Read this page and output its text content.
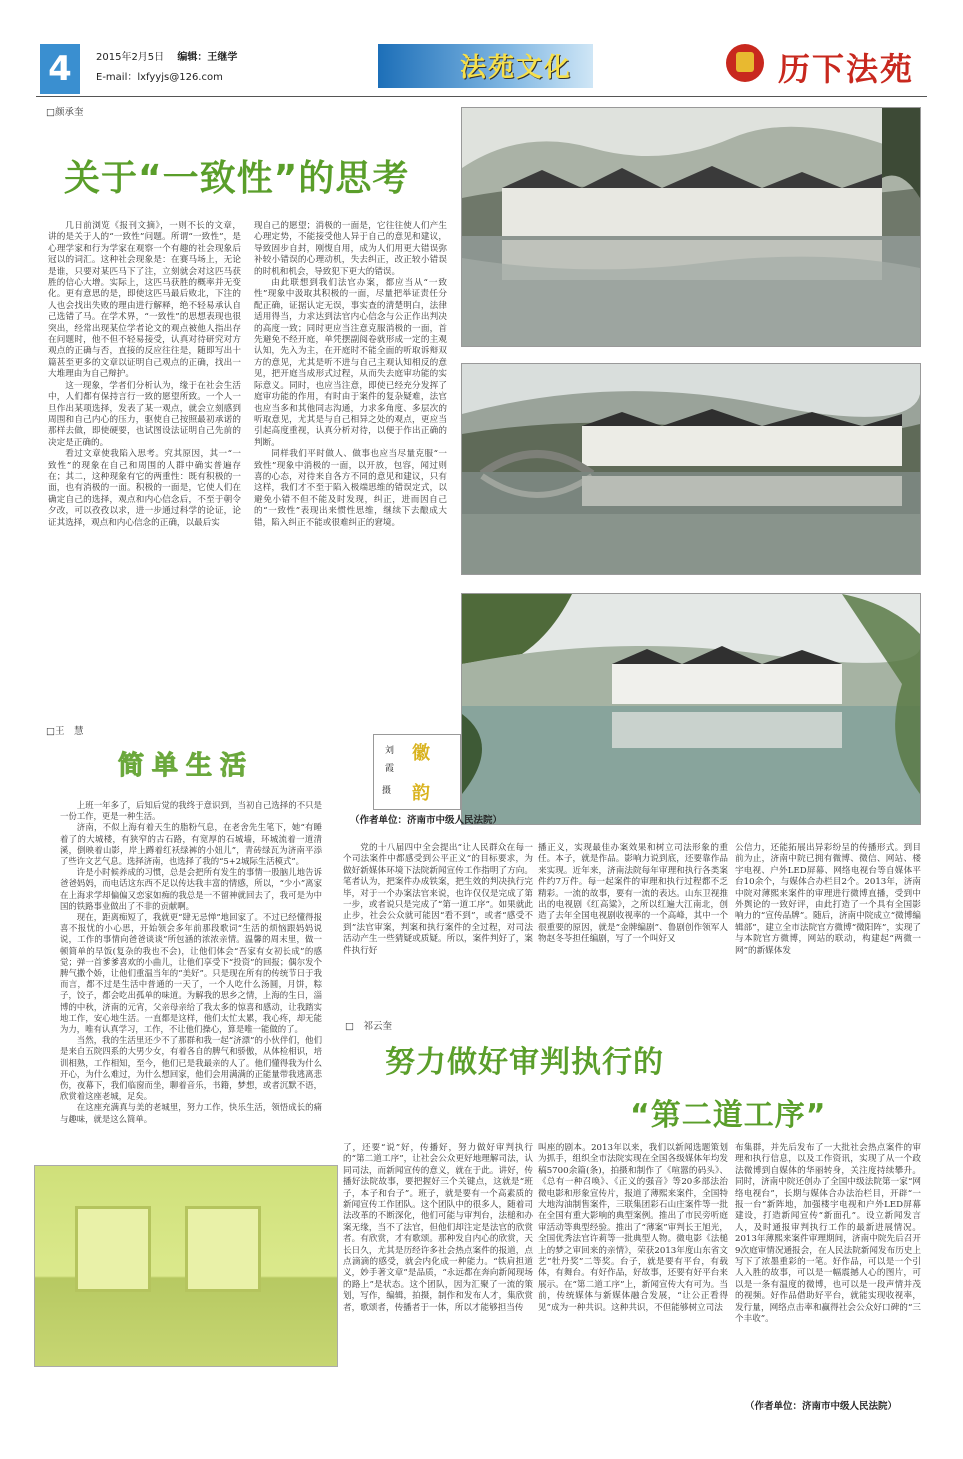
4	2015年2月5日 编辑：王继学
E-mail：lxfyyjs@126.com	法苑文化	历下法苑
□颜承奎
关于“一致性”的思考

几日前浏览《报刊文摘》，一则不长的文章，讲的是关于人的“一致性”问题。所谓“一致性”，是心理学家和行为学家在观察一个有趣的社会现象后冠以的词汇。这种社会现象是：在赛马场上，无论是谁，只要对某匹马下了注，立刻就会对这匹马获胜的信心大增。实际上，这匹马获胜的概率并无变化。更有意思的是，即使这匹马最后败北，下注的人也会找出失败的理由进行解释，绝不轻易承认自己选错了马。在学术界，“一致性”的思想表现也很突出，经常出现某位学者论文的观点被他人指出存在问题时，他不但不轻易接受，认真对待研究对方观点的正确与否，直接的反应往往是，随即写出十篇甚至更多的文章以证明自己观点的正确，找出一大堆理由为自己辩护。

这一现象，学者们分析认为，缘于在社会生活中，人们都有保持言行一致的愿望所致。一个人一旦作出某项选择，发表了某一观点，就会立刻感到周围和自己内心的压力，驱使自己按照最初承诺的那样去做，即使硬要，也试图设法证明自己先前的决定是正确的。

看过文章使我陷入思考。究其原因，其一“一致性”的现象在自己和周围的人群中确实普遍存在；其二，这种现象有它的两重性：既有积极的一面，也有消极的一面。积极的一面是，它使人们在确定自己的选择，观点和内心信念后，不至于朝令夕改，可以孜孜以求，进一步通过科学的论证，论证其选择，观点和内心信念的正确，以最后实

现自己的愿望；消极的一面是，它往往使人们产生心理定势，不能接受他人异于自己的意见和建议，导致固步自封，刚愎自用，成为人们用更大错误弥补较小错误的心理动机，失去纠正，改正较小错误的时机和机会，导致犯下更大的错误。

由此联想到我们法官办案，都应当从“一致性”现象中汲取其积极的一面，尽量把举证责任分配正确，证据认定无误，事实查的清楚明白，法律适用得当，力求达到法官内心信念与公正作出判决的高度一致；同时更应当注意克服消极的一面，首先避免不经开庭，单凭摆副阅卷就形成一定的主观认知，先入为主，在开庭时不能全面的听取诉辩双方的意见，尤其是听不进与自己主观认知相反的意见，把开庭当成形式过程，从而失去庭审功能的实际意义。同时，也应当注意，即使已经充分发挥了庭审功能的作用，有时由于案件的复杂疑难，法官也应当多和其他同志沟通，力求多角度、多层次的听取意见，尤其是与自己相异之处的观点，更应当引起高度重视，认真分析对待，以便于作出正确的判断。

同样我们平时做人、做事也应当尽量克服“一致性”现象中消极的一面，以开放，包容，闻过则喜的心态，对待来自各方不同的意见和建议，只有这样，我们才不至于陷入极端思维的错误定式，以避免小错不但不能及时发现，纠正，进而因自己的“一致性”表现出来惯性思维，继续下去酿成大错，陷入纠正不能或很难纠正的窘境。

□王　慧
简单生活

上班一年多了，后知后觉的我终于意识到，当初自己选择的不只是一份工作，更是一种生活。

济南，不似上海有着天生的脂粉气息，在老舍先生笔下，她“有睡着了的大城楼，有狭窄的古石路，有宽厚的石城墙，环城流着一道清溪，倒映着山影，岸上蹲着红袄绿裤的小妞儿”，青砖绿瓦为济南平添了些许文艺气息。选择济南，也选择了我的“5+2城际生活模式”。

许是小时候养成的习惯，总是会把所有发生的事情一股脑儿地告诉爸爸妈妈，而电话这东西不足以传达我丰富的情感，所以，“少小”离家在上海求学却偏偏又恋家如痴的我总是一不留神就回去了，我可是为中国的铁路事业做出了不非的贡献啊。

现在，距离痴短了，我就更“肆无忌惮”地回家了。不过已经懂得报喜不报忧的小心思，开始领会多年前那段歌词“生活的烦恼跟妈妈说说，工作的事情向爸爸谈谈”所包涵的浓浓亲情。温馨的周末里，做一顿简单的早饭(复杂的我也不会)，让他们体会“吾家有女初长成”的感觉；弹一首爹爹喜欢的小曲儿，让他们享受下“投资”的回报；偶尔发个脾气撒个娇，让他们重温当年的“美好”。只是现在所有的传统节日于我而言，都不过是生活中普通的一天了，一个人吃什么汤圆，月饼，粽子，饺子，都会吃出孤单的味道。为解我的思乡之情，上海的生日，淄博的中秋，济南的元宵，父亲母亲给了我太多的惊喜和感动，让我踏实地工作，安心地生活。一直都是这样，他们太忙太累，我心疼，却无能为力，唯有认真学习，工作，不让他们操心，算是唯一能做的了。

当然，我的生活里还少不了那群和我一起“济漂”的小伙伴们，他们是来自五院四系的大男少女，有着各自的脾气和骄傲，从体检相识，培训相熟，工作相知，至今，他们已是我最亲的人了。他们懂得我为什么开心，为什么难过，为什么想回家，他们会用满满的正能量带我逃离悲伤，夜幕下，我们临窗而坐，聊着音乐，书籍，梦想，或者沉默不语，欣赏着这座老城，足矣。

在这座充满真与美的老城里，努力工作，快乐生活，领悟成长的痛与趣味，就是这么简单。

刘　霞
摄
徽
韵
（作者单位：济南市中级人民法院）

党的十八届四中全会提出“让人民群众在每一个司法案件中都感受到公平正义”的目标要求，为做好新媒体环境下法院新闻宣传工作指明了方向。笔者认为，把案件办成铁案，把生效的判决执行完毕，对于一个办案法官来说，也许仅仅是完成了第一步，或者说只是完成了“第一道工序”。如果就此止步，社会公众就可能因“看不到”，或者“感受不到”法官审案，判案和执行案件的全过程，对司法活动产生一些猜疑或质疑。所以，案件判好了，案件执行好

播正义，实现最佳办案效果和树立司法形象的重任。本子，就是作品。影响力说到底，还要靠作品来实现。近年来，济南法院每年审理和执行各类案件约7万件。每一起案件的审理和执行过程都不乏精彩。一流的故事，要有一流的表达。山东卫视推出的电视剧《红高粱》，之所以红遍大江南北，创造了去年全国电视剧收视率的一个高峰，其中一个很重要的原因，就是“金牌编剧”、鲁剧创作领军人物赵冬苓担任编剧，写了一个叫好又

公信力，还能拓展出异彩纷呈的传播形式。到目前为止，济南中院已拥有微博、微信、网站、楼宇电视、户外LED屏幕、网络电视台等自媒体平台10余个，与媒体合办栏目2个。2013年，济南中院对薄熙来案件的审理进行微博直播，受到中外舆论的一致好评，由此打造了一个具有全国影响力的“宣传品牌”。随后，济南中院成立“微博编辑部”，建立全市法院官方微博“微阳阵”，实现了与本院官方微博，网站的联动，构建起“两微一网”的新媒体发

□　祁云奎
努力做好审判执行的
“第二道工序”

了，还要“说”好，传播好，努力做好审判执行的“第二道工序”，让社会公众更好地理解司法，认同司法，而新闻宣传的意义，就在于此。讲好，传播好法院故事，要把握好三个关键点，这就是“班子，本子和台子”。班子，就是要有一个高素质的新闻宣传工作团队。这个团队中的很多人，随着司法改革的不断深化，他们可能与审判台，法槌和办案无缘，当不了法官，但他们却注定是法官的欣赏者。有欣赏，才有歌颂。那种发自内心的欣赏，天长日久，尤其是历经许多社会热点案件的报道，点点滴滴的感受，就会内化成一种能力。“铁肩担道义，妙手著文章”是品质，“永远都在奔向新闻现场的路上”是状态。这个团队，因为汇聚了一流的策划，写作，编辑，拍摄，制作和发布人才，集欣赏者，歌颂者，传播者于一体，所以才能够担当传

叫座的剧本。2013年以来，我们以新闻选题策划为抓手，组织全市法院实现在全国各级媒体年均发稿5700余篇(条)，拍摄和制作了《喧嚣的码头》、《总有一种召唤》、《正义的强音》等20多部法治微电影和形象宣传片，报道了薄熙来案件，全国特大地沟油制售案件，三联集团彩石山庄案件等一批在全国有重大影响的典型案例。推出了市民旁听庭审活动等典型经验。推出了“薄案”审判长王旭光，全国优秀法官许莉等一批典型人物。微电影《法槌上的梦之审回来的亲情》，荣获2013年度山东省文艺“牡丹奖”二等奖。台子，就是要有平台，有载体，有舞台。有好作品，好故事，还要有好平台来展示。在“第二道工序”上，新闻宣传大有可为。当前，传统媒体与新媒体融合发展，“让公正看得见”成为一种共识。这种共识，不但能够树立司法

布集群，并先后发布了一大批社会热点案件的审理和执行信息，以及工作资讯，实现了从一个政法微博到自媒体的华丽转身，关注度持续攀升。同时，济南中院还创办了全国中级法院第一家“网络电视台”，长期与媒体合办法治栏目，开辟“一报一台”新阵地，加强楼宇电视和户外LED屏幕建设，打造新闻宣传“新面孔”。设立新闻发言人，及时通报审判执行工作的最新进展情况。2013年薄熙来案件审理期间，济南中院先后召开9次庭审情况通报会，在人民法院新闻发布历史上写下了浓墨重彩的一笔。好作品，可以是一个引人入胜的故事，可以是一幅震撼人心的图片，可以是一条有温度的微博，也可以是一段声情并茂的视频。好作品借助好平台，就能实现收视率，发行量，网络点击率和赢得社会公众好口碑的“三个丰收”。

（作者单位：济南市中级人民法院）
